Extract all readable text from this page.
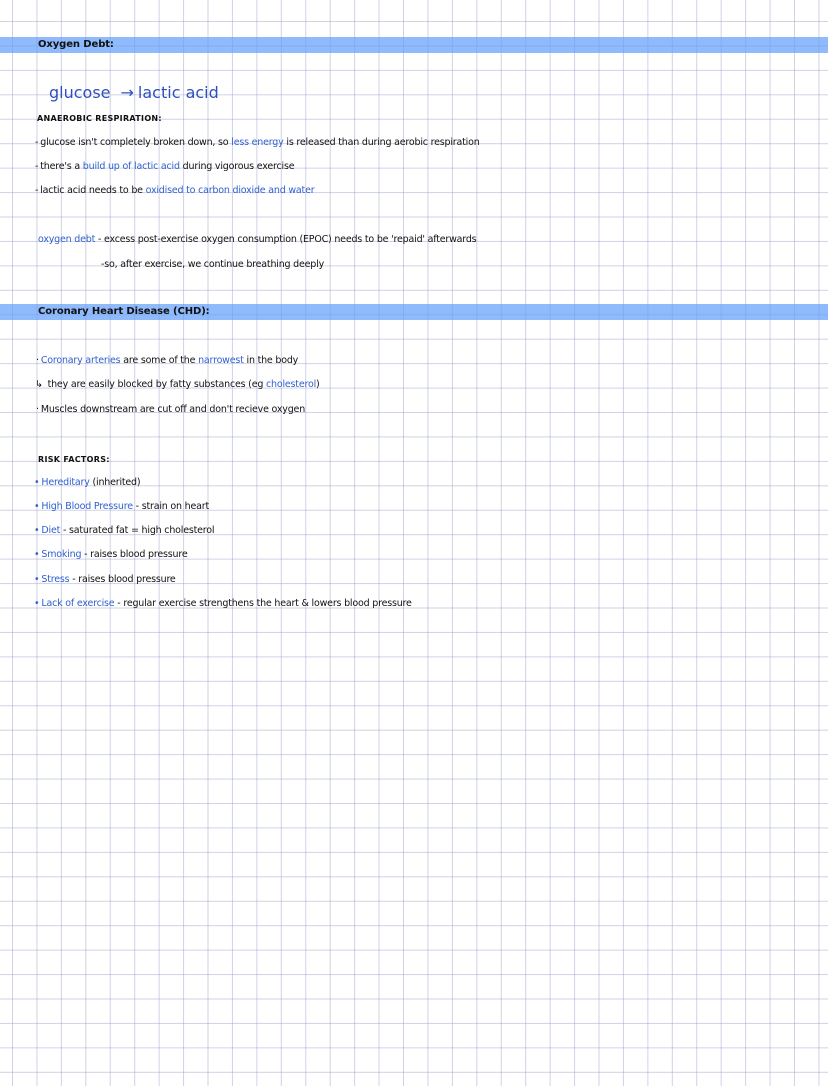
Oxygen Debt:
glucose → lactic acid
ANAEROBIC RESPIRATION:
- glucose isn't completely broken down, so less energy is released than during aerobic respiration
- there's a build up of lactic acid during vigorous exercise
- lactic acid needs to be oxidised to carbon dioxide and water
oxygen debt - excess post-exercise oxygen consumption (EPOC) needs to be 'repaid' afterwards
-so, after exercise, we continue breathing deeply
Coronary Heart Disease (CHD):
· Coronary arteries are some of the narrowest in the body
↳ they are easily blocked by fatty substances (eg cholesterol)
· Muscles downstream are cut off and don't recieve oxygen
RISK FACTORS:
• Hereditary (inherited)
• High Blood Pressure - strain on heart
• Diet - saturated fat = high cholesterol
• Smoking - raises blood pressure
• Stress - raises blood pressure
• Lack of exercise - regular exercise strengthens the heart & lowers blood pressure
